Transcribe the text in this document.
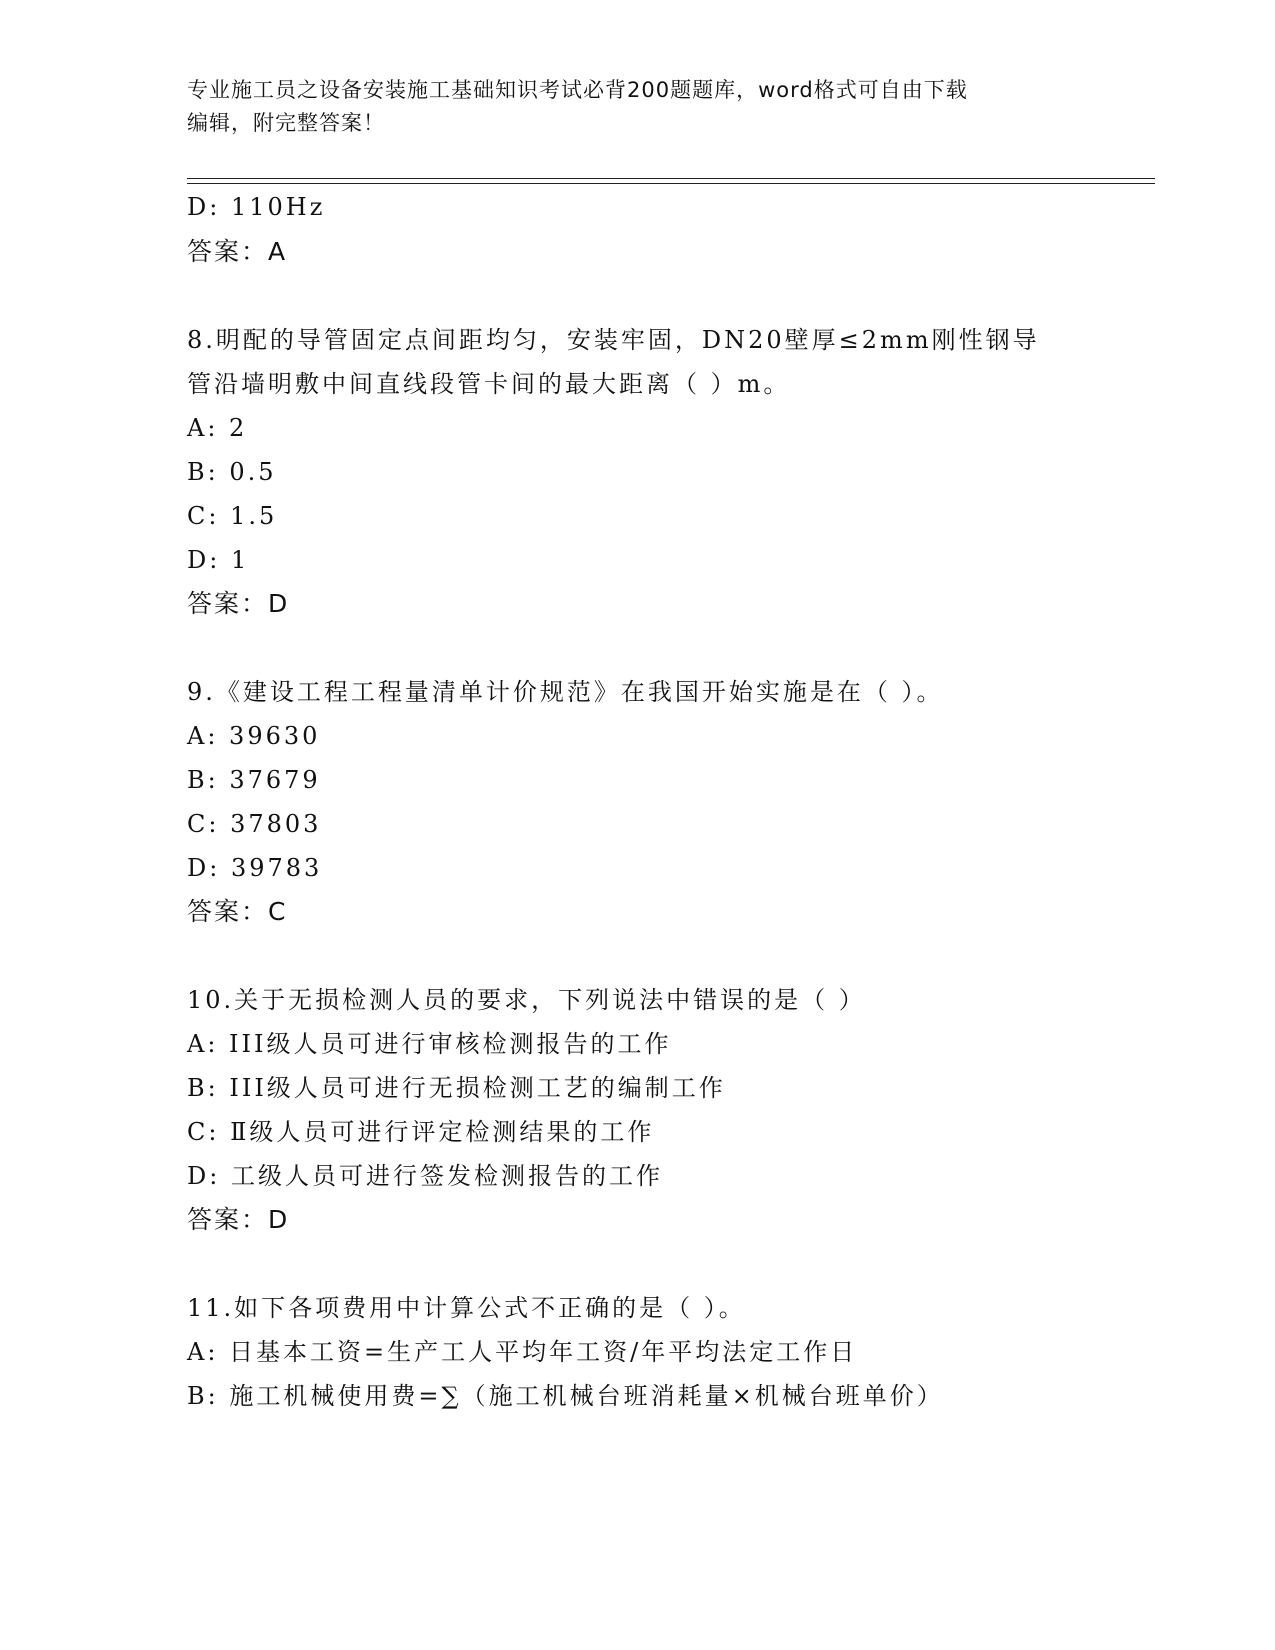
专业施工员之设备安装施工基础知识考试必背200题题库，word格式可自由下载

编辑，附完整答案！

D: 110Hz
答案：A
8.明配的导管固定点间距均匀，安装牢固，DN20壁厚≤2mm刚性钢导
管沿墙明敷中间直线段管卡间的最大距离（ ）m。
A: 2
B: 0.5
C: 1.5
D: 1
答案：D
9.《建设工程工程量清单计价规范》在我国开始实施是在（ ）。
A: 39630
B: 37679
C: 37803
D: 39783
答案：C
10.关于无损检测人员的要求，下列说法中错误的是（ ）
A: III级人员可进行审核检测报告的工作
B: III级人员可进行无损检测工艺的编制工作
C: Ⅱ级人员可进行评定检测结果的工作
D: 工级人员可进行签发检测报告的工作
答案：D
11.如下各项费用中计算公式不正确的是（ ）。
A: 日基本工资=生产工人平均年工资/年平均法定工作日
B: 施工机械使用费=∑（施工机械台班消耗量×机械台班单价）
